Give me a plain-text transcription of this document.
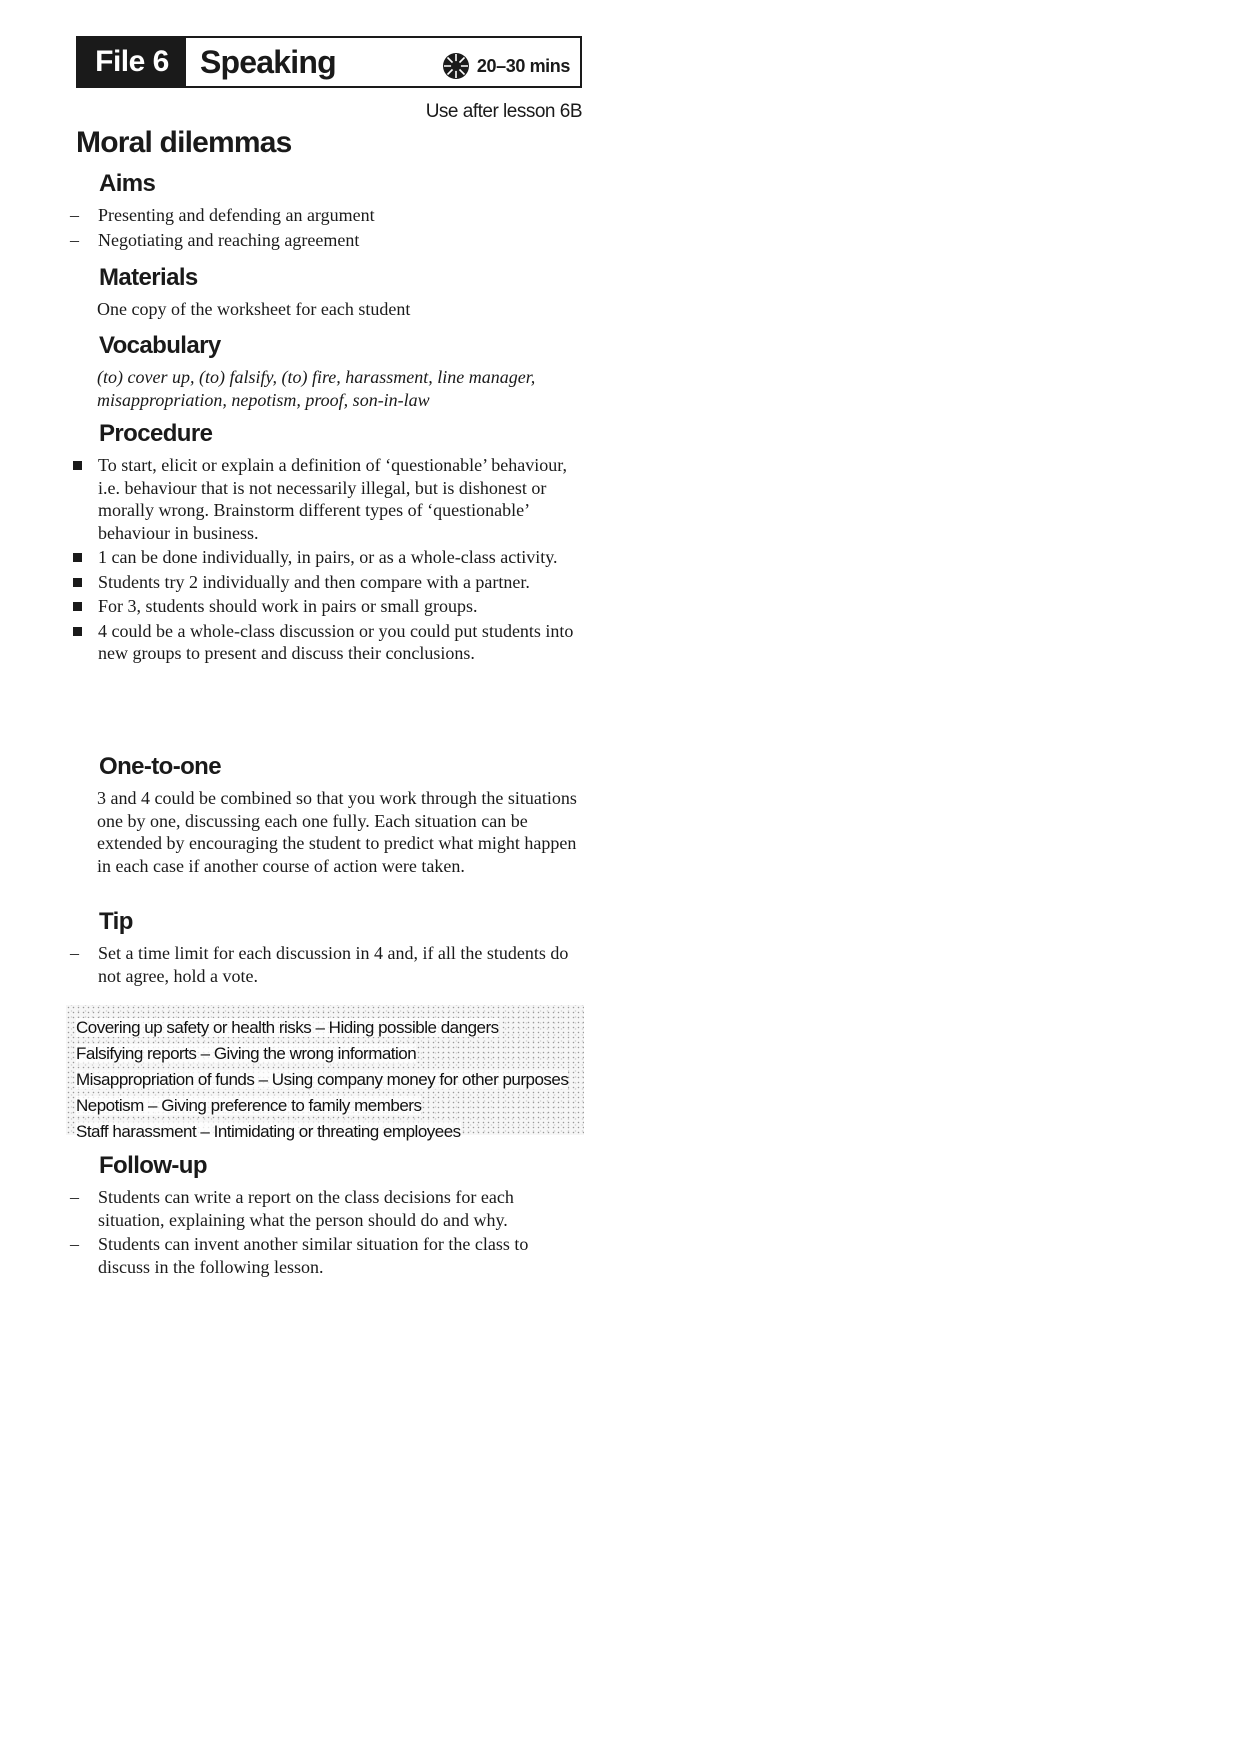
File 6 Speaking	20–30 mins
Use after lesson 6B
Moral dilemmas
Aims
– Presenting and defending an argument
– Negotiating and reaching agreement
Materials

One copy of the worksheet for each student

Vocabulary

(to) cover up, (to) falsify, (to) fire, harassment, line manager, misappropriation, nepotism, proof, son-in-law

Procedure
To start, elicit or explain a definition of ‘questionable’ behaviour, i.e. behaviour that is not necessarily illegal, but is dishonest or morally wrong. Brainstorm different types of ‘questionable’ behaviour in business.
1 can be done individually, in pairs, or as a whole-class activity.
Students try 2 individually and then compare with a partner.
For 3, students should work in pairs or small groups.
4 could be a whole-class discussion or you could put students into new groups to present and discuss their conclusions.
One-to-one

3 and 4 could be combined so that you work through the situations one by one, discussing each one fully. Each situation can be extended by encouraging the student to predict what might happen in each case if another course of action were taken.

Tip
– Set a time limit for each discussion in 4 and, if all the students do not agree, hold a vote.
Covering up safety or health risks – Hiding possible dangers
Falsifying reports – Giving the wrong information
Misappropriation of funds – Using company money for other purposes
Nepotism – Giving preference to family members
Staff harassment – Intimidating or threating employees
Follow-up
– Students can write a report on the class decisions for each situation, explaining what the person should do and why.
– Students can invent another similar situation for the class to discuss in the following lesson.
